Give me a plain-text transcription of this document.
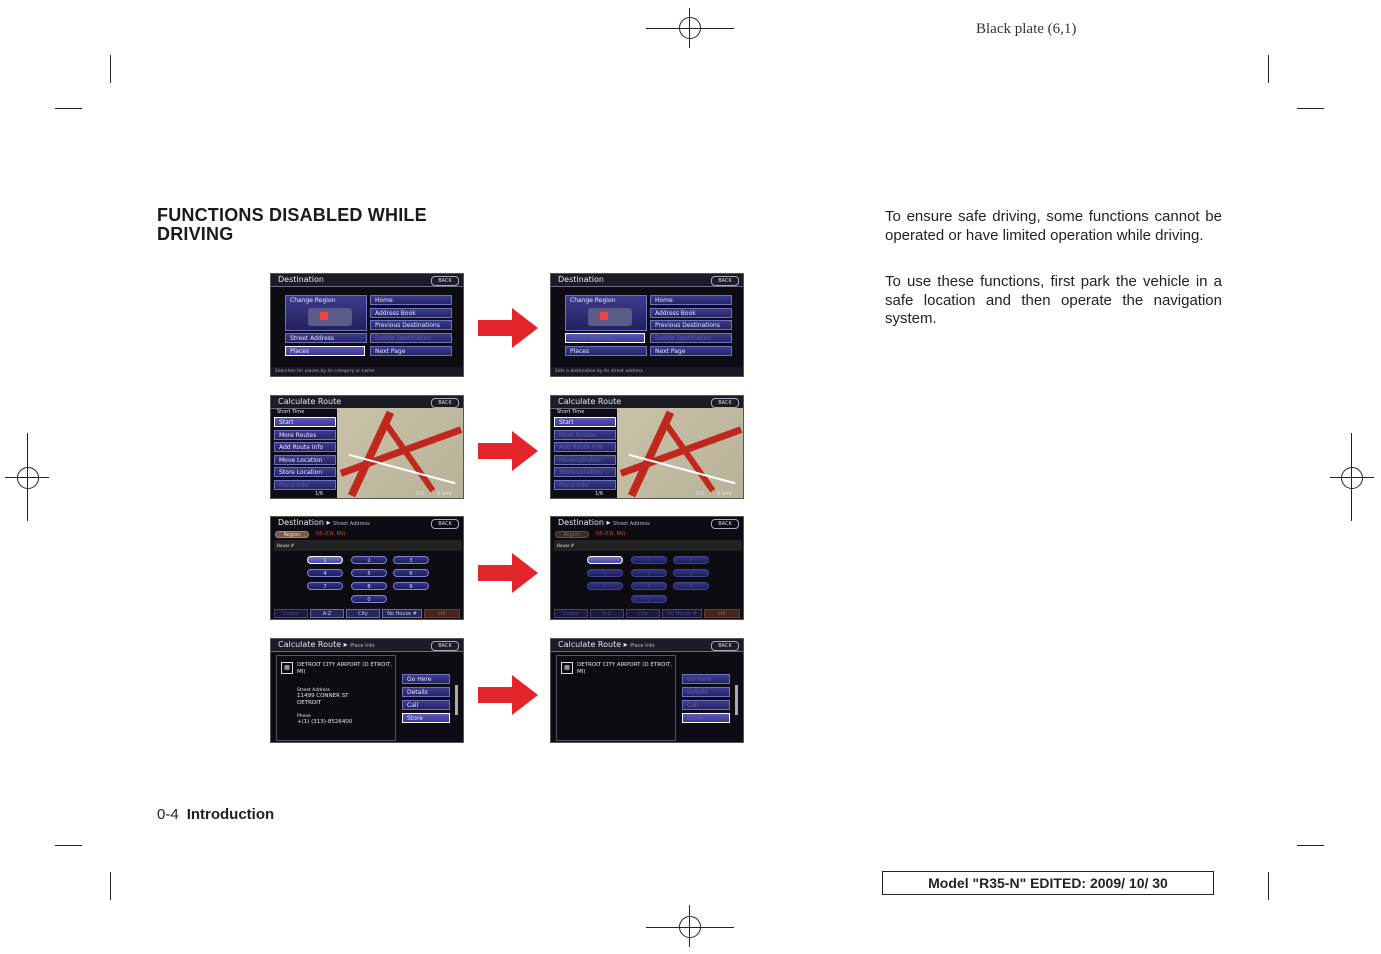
Black plate (6,1)
FUNCTIONS DISABLED WHILE
DRIVING
To ensure safe driving, some functions cannot be operated or have limited operation while driving.
To use these functions, first park the vehicle in a safe location and then operate the navigation system.
Destination	BACK
Change Region
Street Address
Places
Home
Address Book
Previous Destinations
Delete Destination
Next Page
Searches for places by its category or name
Destination	BACK
Change Region
Street Address
Places
Home
Address Book
Previous Destinations
Delete Destination
Next Page
Sets a destination by its street address
Calculate Route	BACK
Short Time
Start
More Routes
Add Route Info
Move Location
Store Location
Place Info
1/6	0.5	0.1mi
Calculate Route	BACK
Short Time
Start
More Routes
Add Route Info
Move Location
Store Location
Place Info
1/6	0.5	0.1mi
Destination ▸ Street Address	BACK
Region	US (CA, NV)
House #
1	2	3
4	5	6
7	8	9
0
Delete	A-Z	City	No House #	OK
Destination ▸ Street Address	BACK
Region	US (CA, NV)
House #
2	3
4	5	6
7	8	9
0
Delete	A-Z	City	No House #	OK
Calculate Route ▸ Place Info	BACK
▦	DETROIT CITY AIRPORT (D ETROIT, MI)
Street Address
11499 CONNER ST
DETROIT
Phone
+(1) (313)-8526400
Go Here
Details
Call
Store
Calculate Route ▸ Place Info	BACK
▦	DETROIT CITY AIRPORT (D ETROIT, MI)
Go Here
Details
Call
Store
0-4 Introduction
Model "R35-N" EDITED: 2009/ 10/ 30
